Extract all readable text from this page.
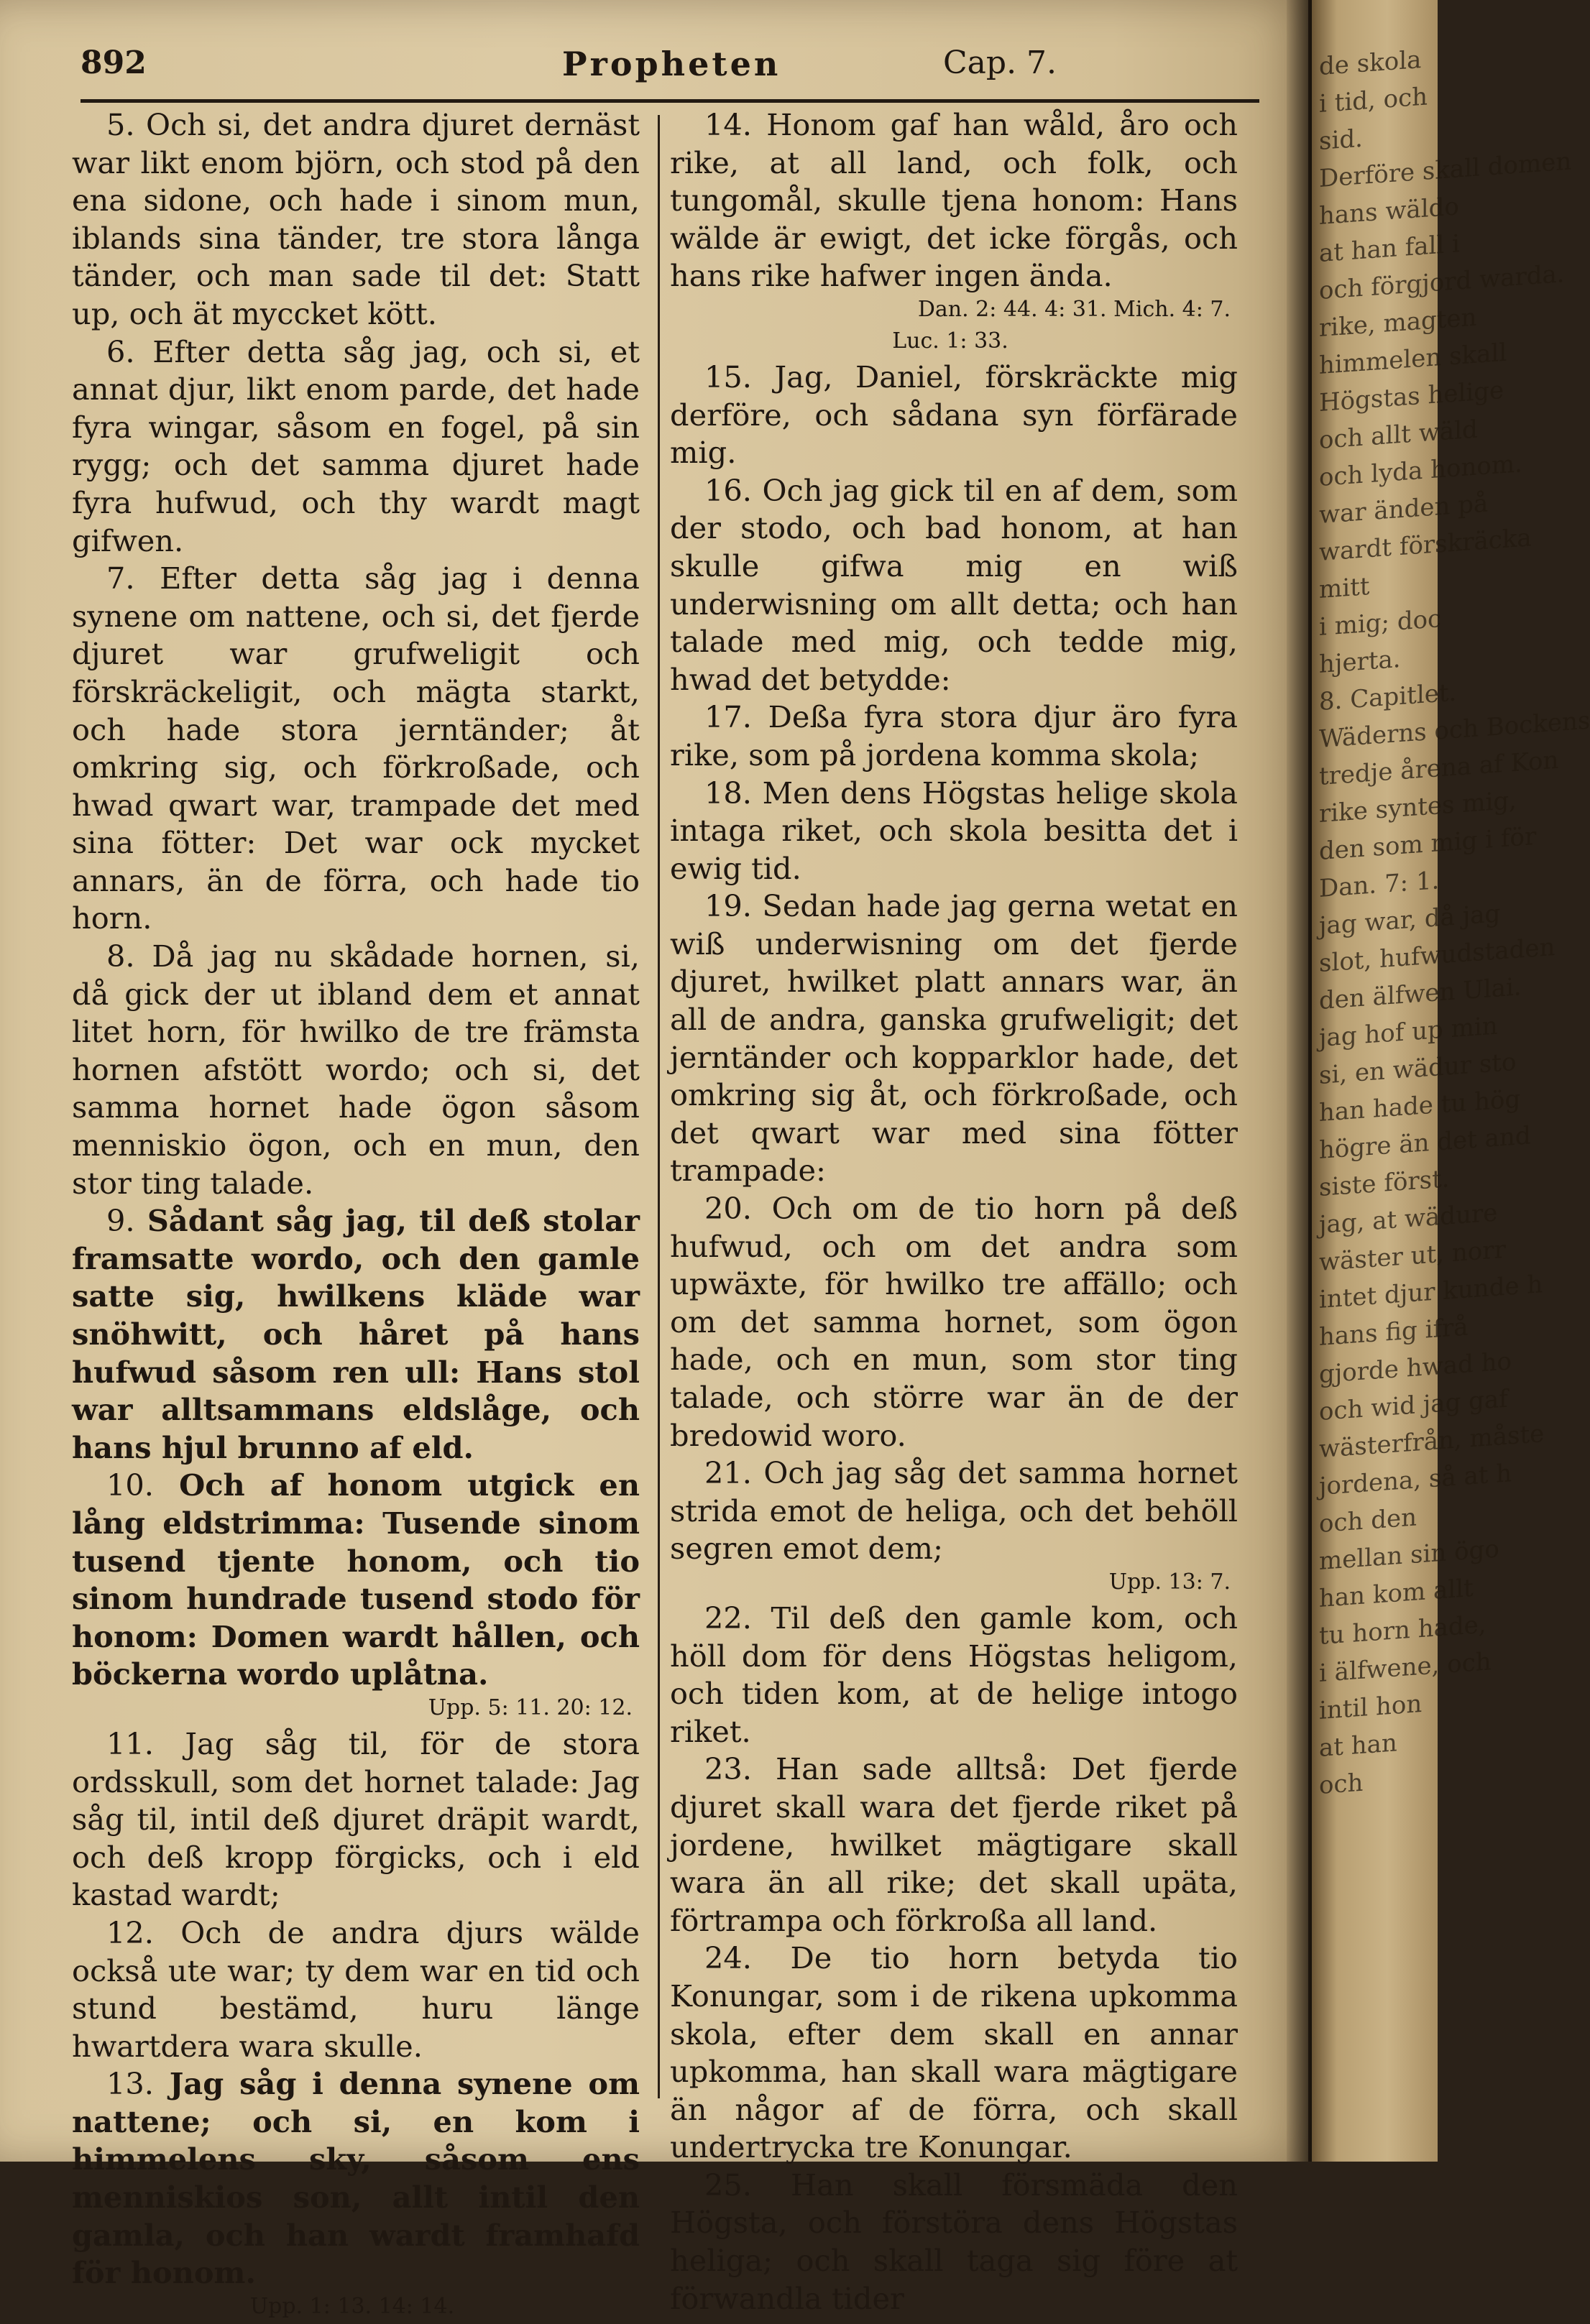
892	Propheten	Cap. 7.

5. Och si, det andra djuret dernäst war likt enom björn, och stod på den ena sidone, och hade i sinom mun, iblands sina tänder, tre stora långa tänder, och man sade til det: Statt up, och ät myccket kött.

6. Efter detta såg jag, och si, et annat djur, likt enom parde, det hade fyra wingar, såsom en fogel, på sin rygg; och det samma djuret hade fyra hufwud, och thy wardt magt gifwen.

7. Efter detta såg jag i denna synene om nattene, och si, det fjerde djuret war grufweligit och förskräckeligit, och mägta starkt, och hade stora jerntänder; åt omkring sig, och förkroßade, och hwad qwart war, trampade det med sina fötter: Det war ock mycket annars, än de förra, och hade tio horn.

8. Då jag nu skådade hornen, si, då gick der ut ibland dem et annat litet horn, för hwilko de tre främsta hornen afstött wordo; och si, det samma hornet hade ögon såsom menniskio ögon, och en mun, den stor ting talade.

9. Sådant såg jag, til deß stolar framsatte wordo, och den gamle satte sig, hwilkens kläde war snöhwitt, och håret på hans hufwud såsom ren ull: Hans stol war alltsammans eldslåge, och hans hjul brunno af eld.

10. Och af honom utgick en lång eldstrimma: Tusende sinom tusend tjente honom, och tio sinom hundrade tusend stodo för honom: Domen wardt hållen, och böckerna wordo uplåtna.

Upp. 5: 11. 20: 12.

11. Jag såg til, för de stora ordsskull, som det hornet talade: Jag såg til, intil deß djuret dräpit wardt, och deß kropp förgicks, och i eld kastad wardt;

12. Och de andra djurs wälde också ute war; ty dem war en tid och stund bestämd, huru länge hwartdera wara skulle.

13. Jag såg i denna synene om nattene; och si, en kom i himmelens sky, såsom ens menniskios son, allt intil den gamla, och han wardt framhafd för honom.

Upp. 1: 13. 14: 14.

14. Honom gaf han wåld, åro och rike, at all land, och folk, och tungomål, skulle tjena honom: Hans wälde är ewigt, det icke förgås, och hans rike hafwer ingen ända.

Dan. 2: 44. 4: 31. Mich. 4: 7.

Luc. 1: 33.

15. Jag, Daniel, förskräckte mig derföre, och sådana syn förfärade mig.

16. Och jag gick til en af dem, som der stodo, och bad honom, at han skulle gifwa mig en wiß underwisning om allt detta; och han talade med mig, och tedde mig, hwad det betydde:

17. Deßa fyra stora djur äro fyra rike, som på jordena komma skola;

18. Men dens Högstas helige skola intaga riket, och skola besitta det i ewig tid.

19. Sedan hade jag gerna wetat en wiß underwisning om det fjerde djuret, hwilket platt annars war, än all de andra, ganska grufweligit; det jerntänder och kopparklor hade, det omkring sig åt, och förkroßade, och det qwart war med sina fötter trampade:

20. Och om de tio horn på deß hufwud, och om det andra som upwäxte, för hwilko tre affällo; och om det samma hornet, som ögon hade, och en mun, som stor ting talade, och större war än de der bredowid woro.

21. Och jag såg det samma hornet strida emot de heliga, och det behöll segren emot dem;

Upp. 13: 7.

22. Til deß den gamle kom, och höll dom för dens Högstas heligom, och tiden kom, at de helige intogo riket.

23. Han sade alltså: Det fjerde djuret skall wara det fjerde riket på jordene, hwilket mägtigare skall wara än all rike; det skall upäta, förtrampa och förkroßa all land.

24. De tio horn betyda tio Konungar, som i de rikena upkomma skola, efter dem skall en annar upkomma, han skall wara mägtigare än någor af de förra, och skall undertrycka tre Konungar.

25. Han skall försmäda den Högsta, och förstöra dens Högstas heliga; och skall taga sig före at förwandla tider

de skola
i tid, och
sid.
Derföre skall domen
hans wäldo
at han fall i
och förgjord warda.
rike, magten
himmelen skall
Högstas helige
och allt wäld
och lyda honom.
war änden på
wardt förskräcka
mitt
i mig; doc
hjerta.
8. Capitlet.
Wäderns och Bockens
tredje årena af Kon
rike syntes mig,
den som mig i för
Dan. 7: 1.
jag war, då jag
slot, hufwudstaden
den älfwen Ulai.
jag hof up min
si, en wädur sto
han hade tu hög
högre än det and
siste först.
jag, at wädure
wäster ut, norr
intet djur kunde h
hans fig ifrå
gjorde hwad ho
och wid jag gaf
wästerfrån, måste
jordena, så at h
och den
mellan sin ögo
han kom allt
tu horn hade,
i älfwene, och
intil hon
at han
och
